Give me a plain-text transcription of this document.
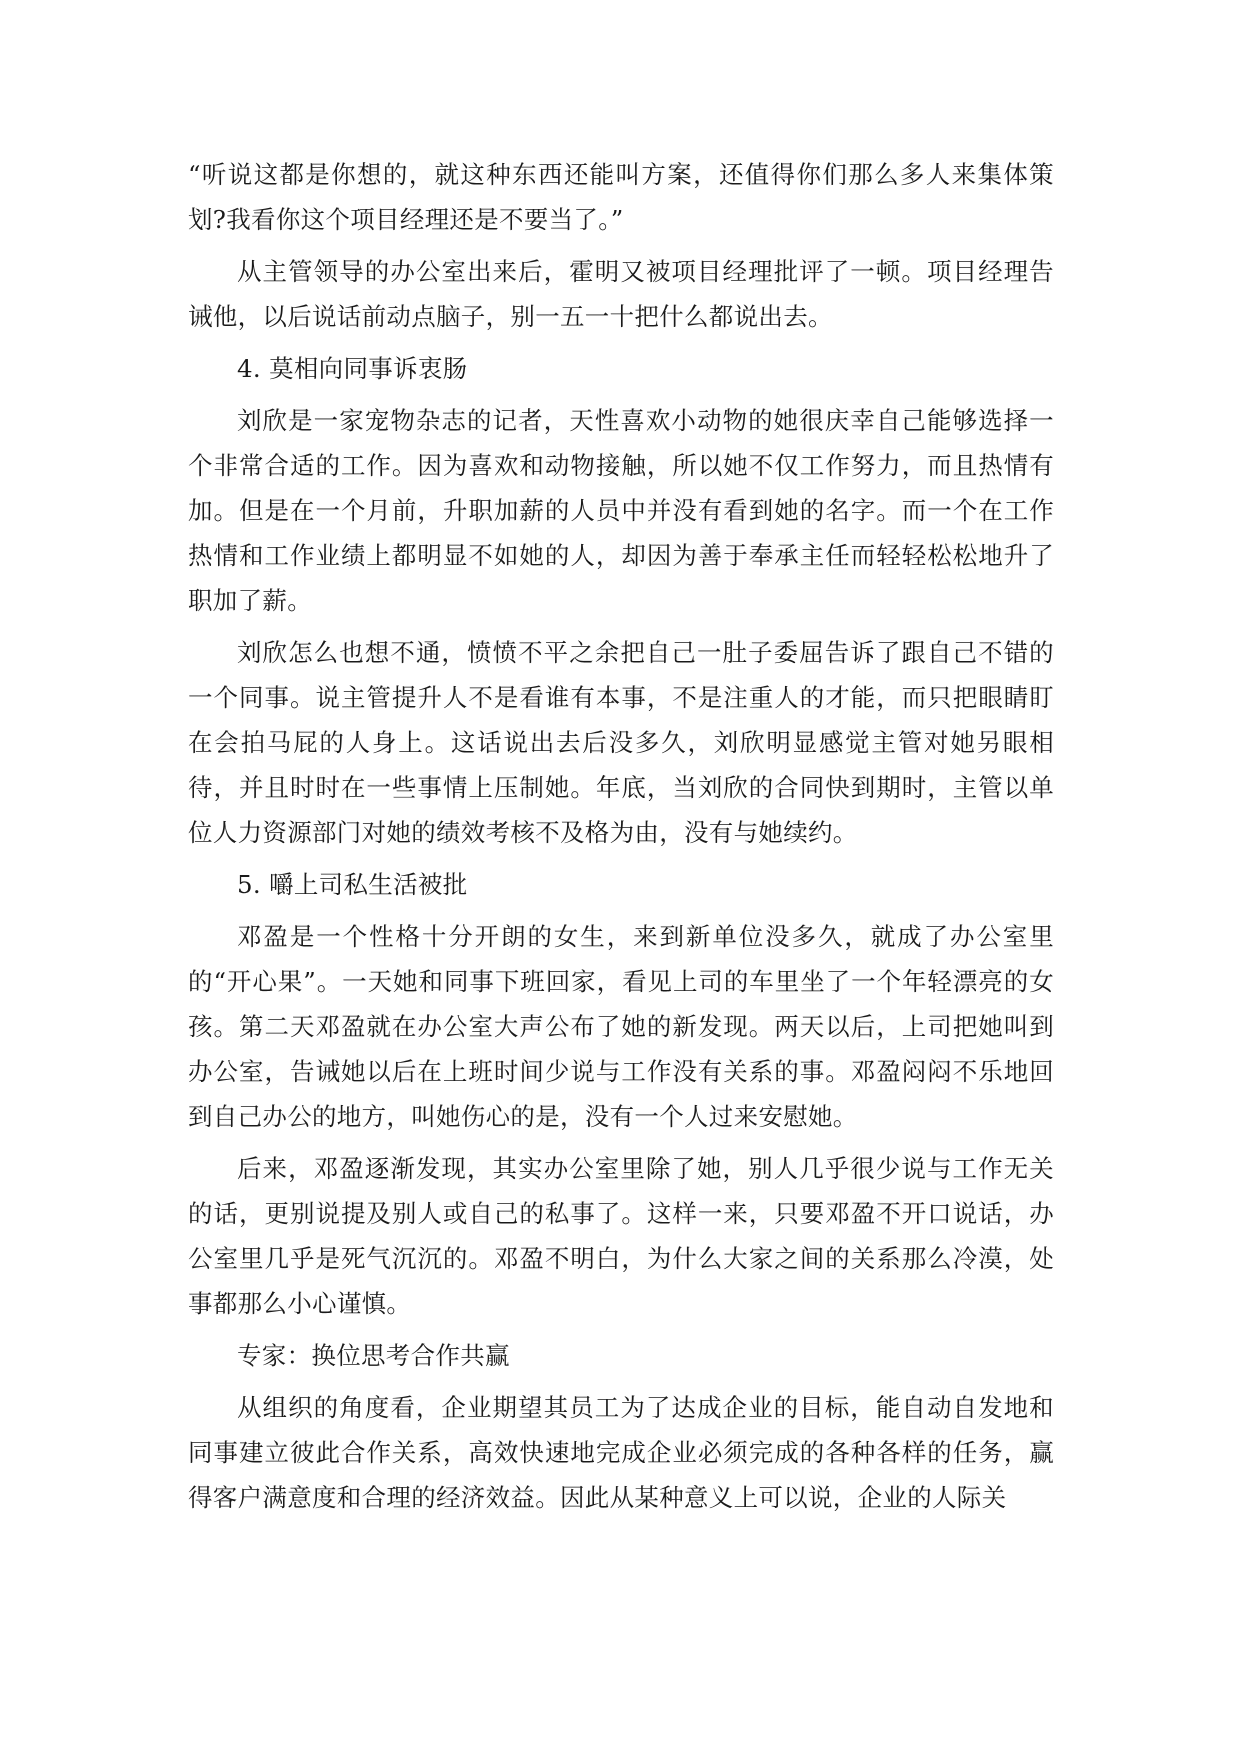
“听说这都是你想的，就这种东西还能叫方案，还值得你们那么多人来集体策划?我看你这个项目经理还是不要当了。”

从主管领导的办公室出来后，霍明又被项目经理批评了一顿。项目经理告诫他，以后说话前动点脑子，别一五一十把什么都说出去。

4. 莫相向同事诉衷肠

刘欣是一家宠物杂志的记者，天性喜欢小动物的她很庆幸自己能够选择一个非常合适的工作。因为喜欢和动物接触，所以她不仅工作努力，而且热情有加。但是在一个月前，升职加薪的人员中并没有看到她的名字。而一个在工作热情和工作业绩上都明显不如她的人，却因为善于奉承主任而轻轻松松地升了职加了薪。

刘欣怎么也想不通，愤愤不平之余把自己一肚子委屈告诉了跟自己不错的一个同事。说主管提升人不是看谁有本事，不是注重人的才能，而只把眼睛盯在会拍马屁的人身上。这话说出去后没多久，刘欣明显感觉主管对她另眼相待，并且时时在一些事情上压制她。年底，当刘欣的合同快到期时，主管以单位人力资源部门对她的绩效考核不及格为由，没有与她续约。

5. 嚼上司私生活被批

邓盈是一个性格十分开朗的女生，来到新单位没多久，就成了办公室里的“开心果”。一天她和同事下班回家，看见上司的车里坐了一个年轻漂亮的女孩。第二天邓盈就在办公室大声公布了她的新发现。两天以后，上司把她叫到办公室，告诫她以后在上班时间少说与工作没有关系的事。邓盈闷闷不乐地回到自己办公的地方，叫她伤心的是，没有一个人过来安慰她。

后来，邓盈逐渐发现，其实办公室里除了她，别人几乎很少说与工作无关的话，更别说提及别人或自己的私事了。这样一来，只要邓盈不开口说话，办公室里几乎是死气沉沉的。邓盈不明白，为什么大家之间的关系那么冷漠，处事都那么小心谨慎。

专家：换位思考合作共赢

从组织的角度看，企业期望其员工为了达成企业的目标，能自动自发地和同事建立彼此合作关系，高效快速地完成企业必须完成的各种各样的任务，赢得客户满意度和合理的经济效益。因此从某种意义上可以说，企业的人际关
